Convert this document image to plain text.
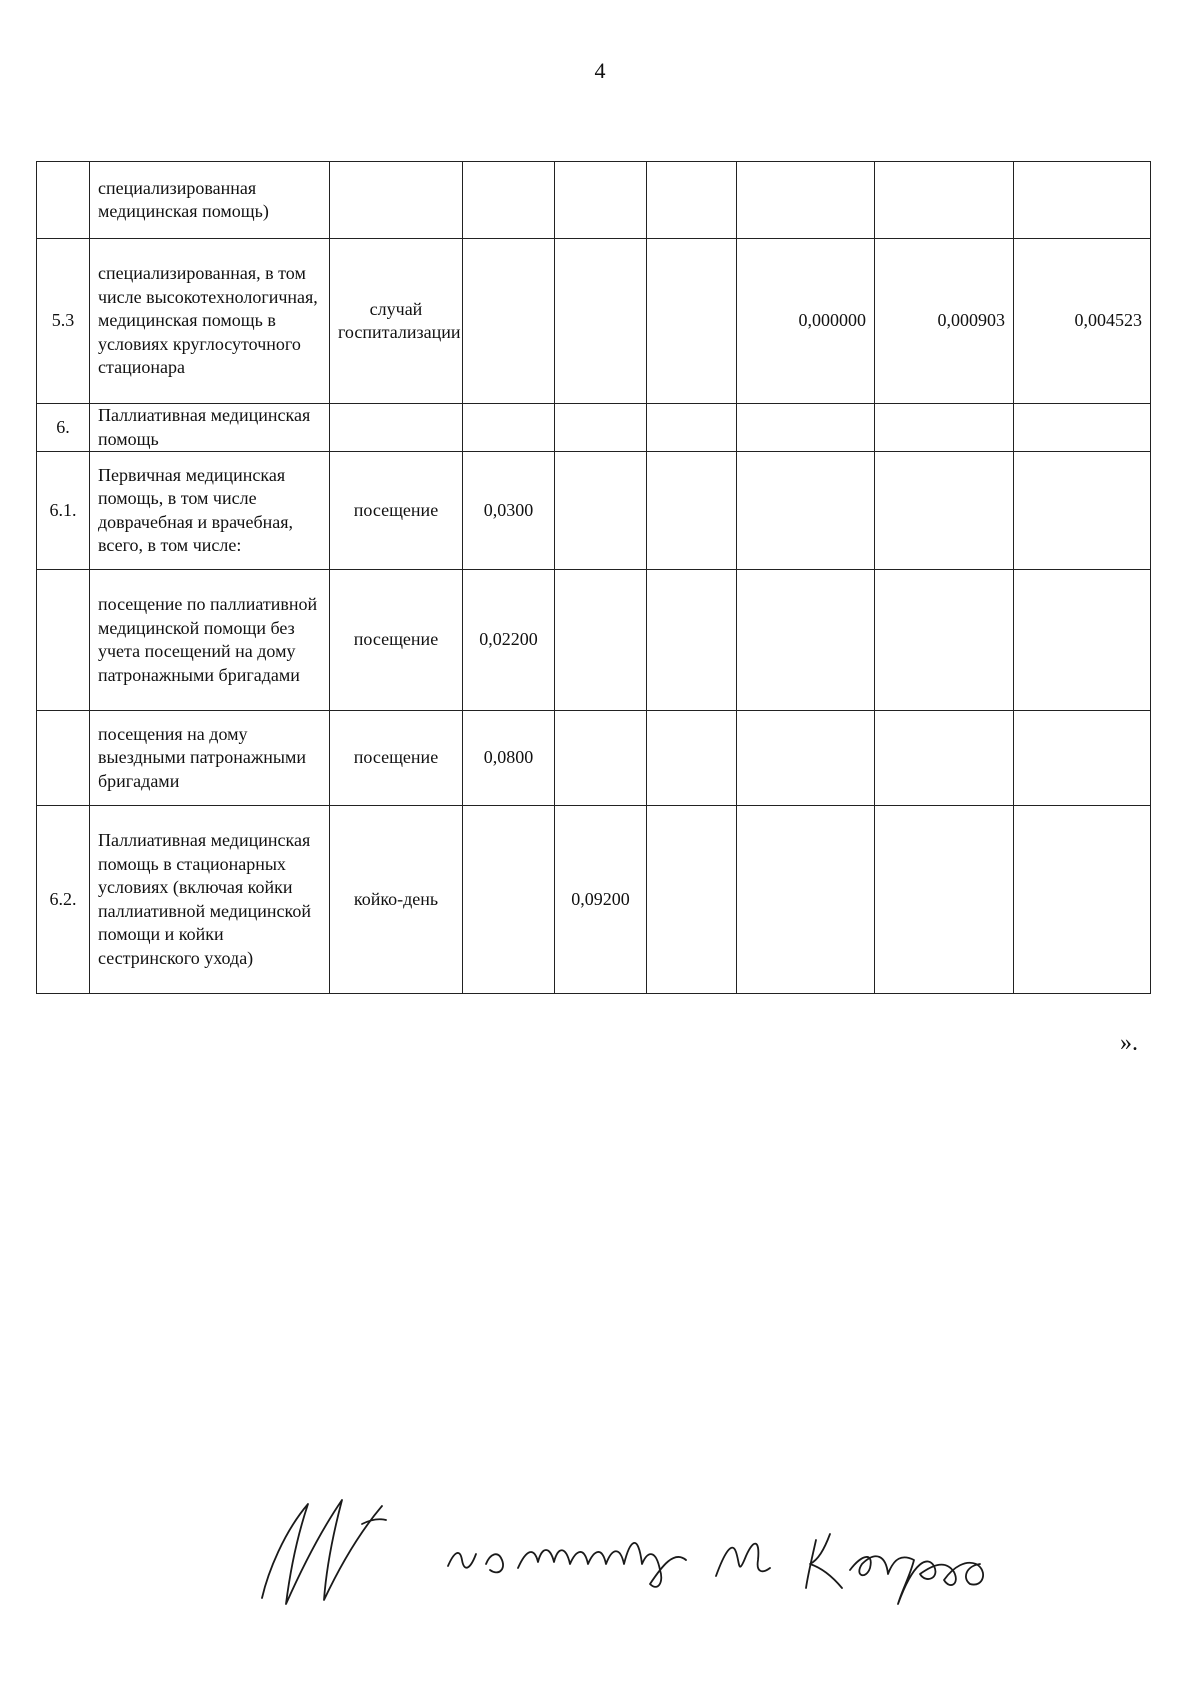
4
	специализированная медицинская помощь)							
5.3	специализированная, в том числе высокотехнологичная, медицинская помощь в условиях круглосуточного стационара	случай госпитализации				0,000000	0,000903	0,004523
6.	Паллиативная медицинская помощь							
6.1.	Первичная медицинская помощь, в том числе доврачебная и врачебная, всего, в том числе:	посещение	0,0300					
	посещение по паллиативной медицинской помощи без учета посещений на дому патронажными бригадами	посещение	0,02200					
	посещения на дому выездными патронажными бригадами	посещение	0,0800					
6.2.	Паллиативная медицинская помощь в стационарных условиях (включая койки паллиативной медицинской помощи и койки сестринского ухода)	койко-день		0,09200				
».
